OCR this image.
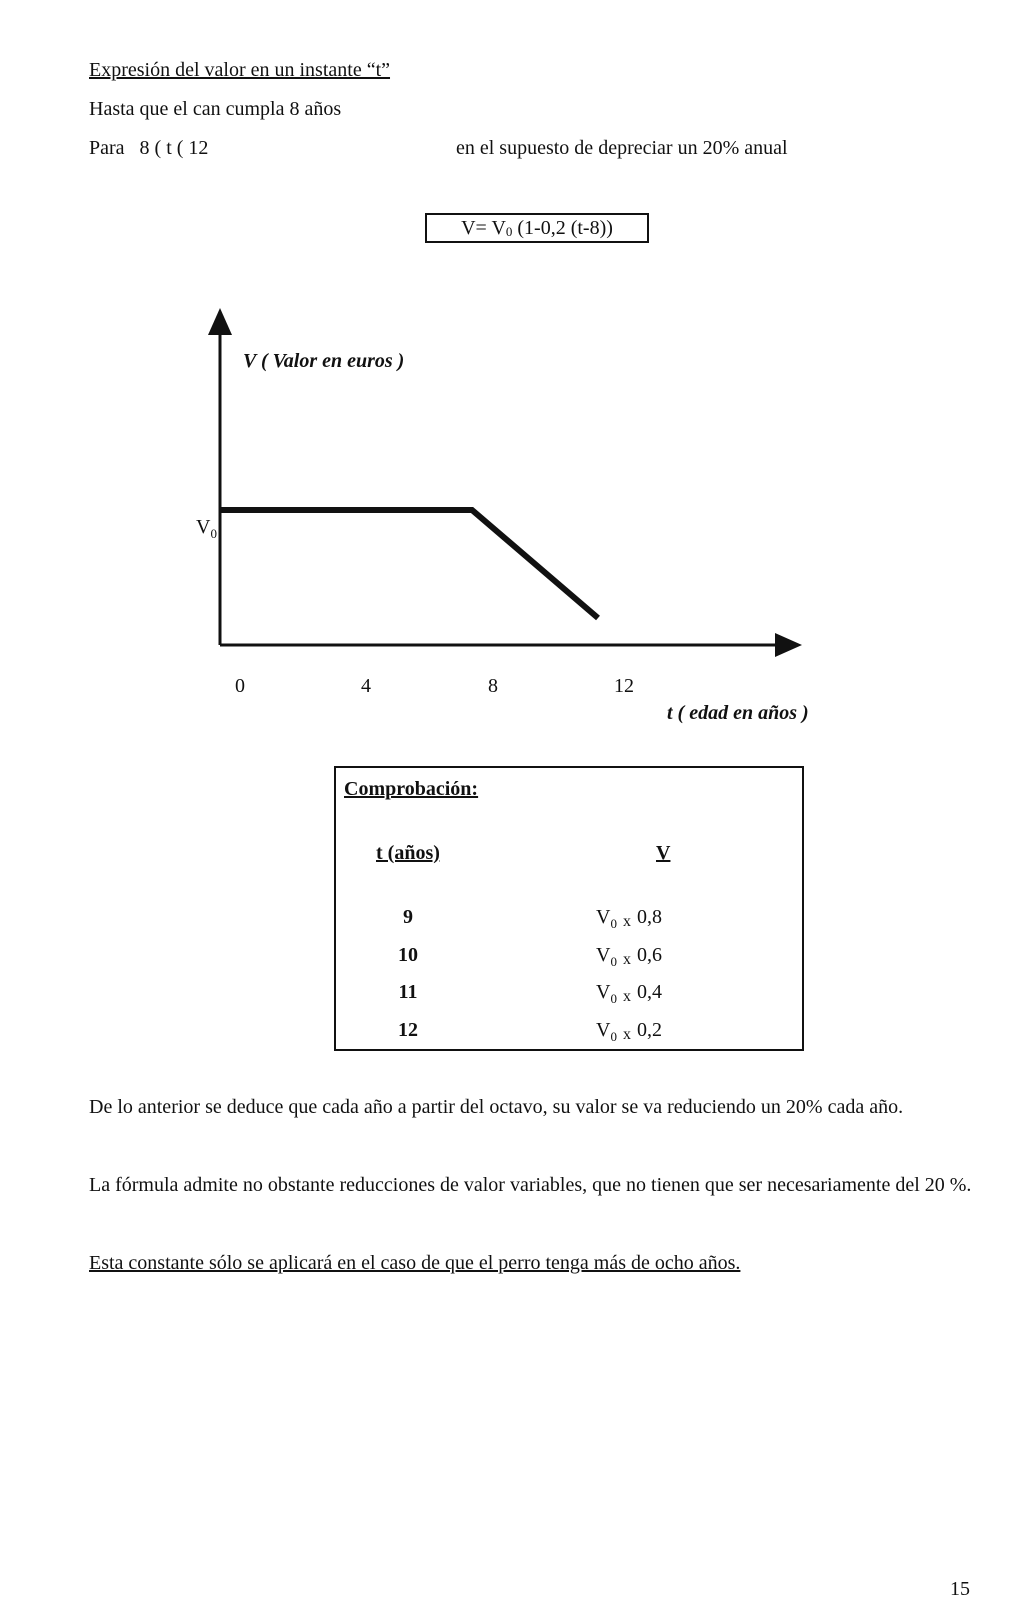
Expresión del valor en un instante “t”
Hasta que el can cumpla 8 años
Para   8 ( t ( 12	en el supuesto de depreciar un 20% anual
$V= V_0$ (1-0,2 (t-8))
V ( Valor en euros )
t ( edad en años )
$V_0$
0	4	8	12
Comprobación:
t (años)	V
9	$V_0$ x 0,8
10	$V_0$ x 0,6
11	$V_0$ x 0,4
12	$V_0$ x 0,2
De lo anterior se deduce que cada año a partir del octavo, su valor se va reduciendo un 20% cada año.
La fórmula admite no obstante reducciones de valor variables, que no tienen que ser necesariamente del 20 %.
Esta constante sólo se aplicará en el caso de que el perro tenga más de ocho años.
15
